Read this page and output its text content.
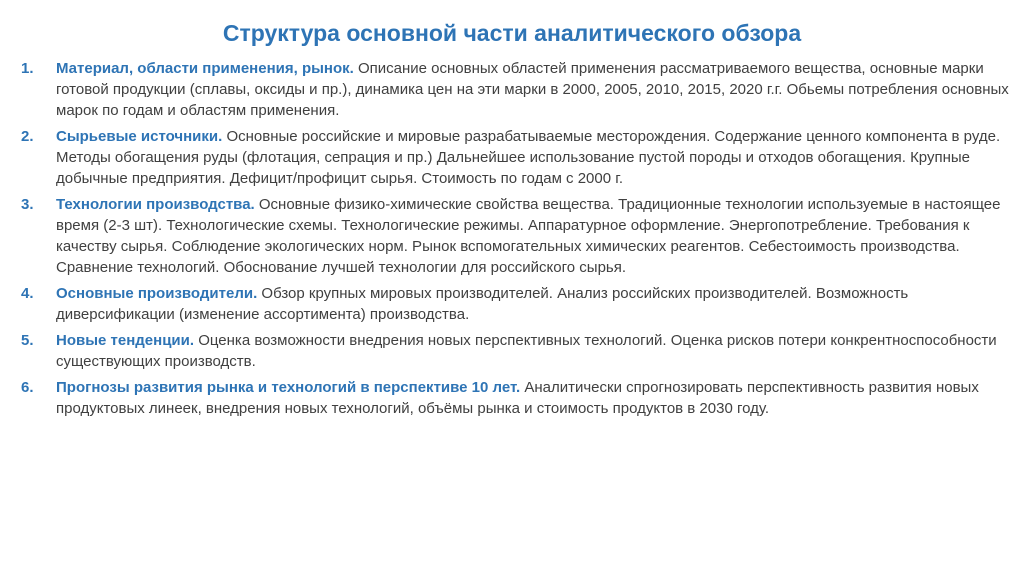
Структура основной части аналитического обзора
1.	Материал, области применения, рынок. Описание основных областей применения рассматриваемого вещества, основные марки готовой продукции (сплавы, оксиды и пр.), динамика цен на эти марки в 2000, 2005, 2010, 2015, 2020 г.г. Обьемы потребления основных марок по годам и областям применения.
2.	Сырьевые источники. Основные российские и мировые разрабатываемые месторождения. Содержание ценного компонента в руде. Методы обогащения руды (флотация, сепрация и пр.) Дальнейшее использование пустой породы и отходов обогащения. Крупные добычные предприятия. Дефицит/профицит сырья. Стоимость по годам с 2000 г.
3.	Технологии производства. Основные физико-химические свойства вещества. Традиционные технологии используемые в настоящее время (2-3 шт). Технологические схемы. Технологические режимы. Аппаратурное оформление. Энергопотребление. Требования к качеству сырья. Соблюдение экологических норм. Рынок вспомогательных химических реагентов. Себестоимость производства. Сравнение технологий. Обоснование лучшей технологии для российского сырья.
4.	Основные производители. Обзор крупных мировых производителей. Анализ российских производителей. Возможность диверсификации (изменение ассортимента) производства.
5.	Новые тенденции. Оценка возможности внедрения новых перспективных технологий. Оценка рисков потери конкрентноспособности существующих производств.
6.	Прогнозы развития рынка и технологий в перспективе 10 лет. Аналитически спрогнозировать перспективность развития новых продуктовых линеек, внедрения новых технологий, объёмы рынка и стоимость продуктов в 2030 году.
